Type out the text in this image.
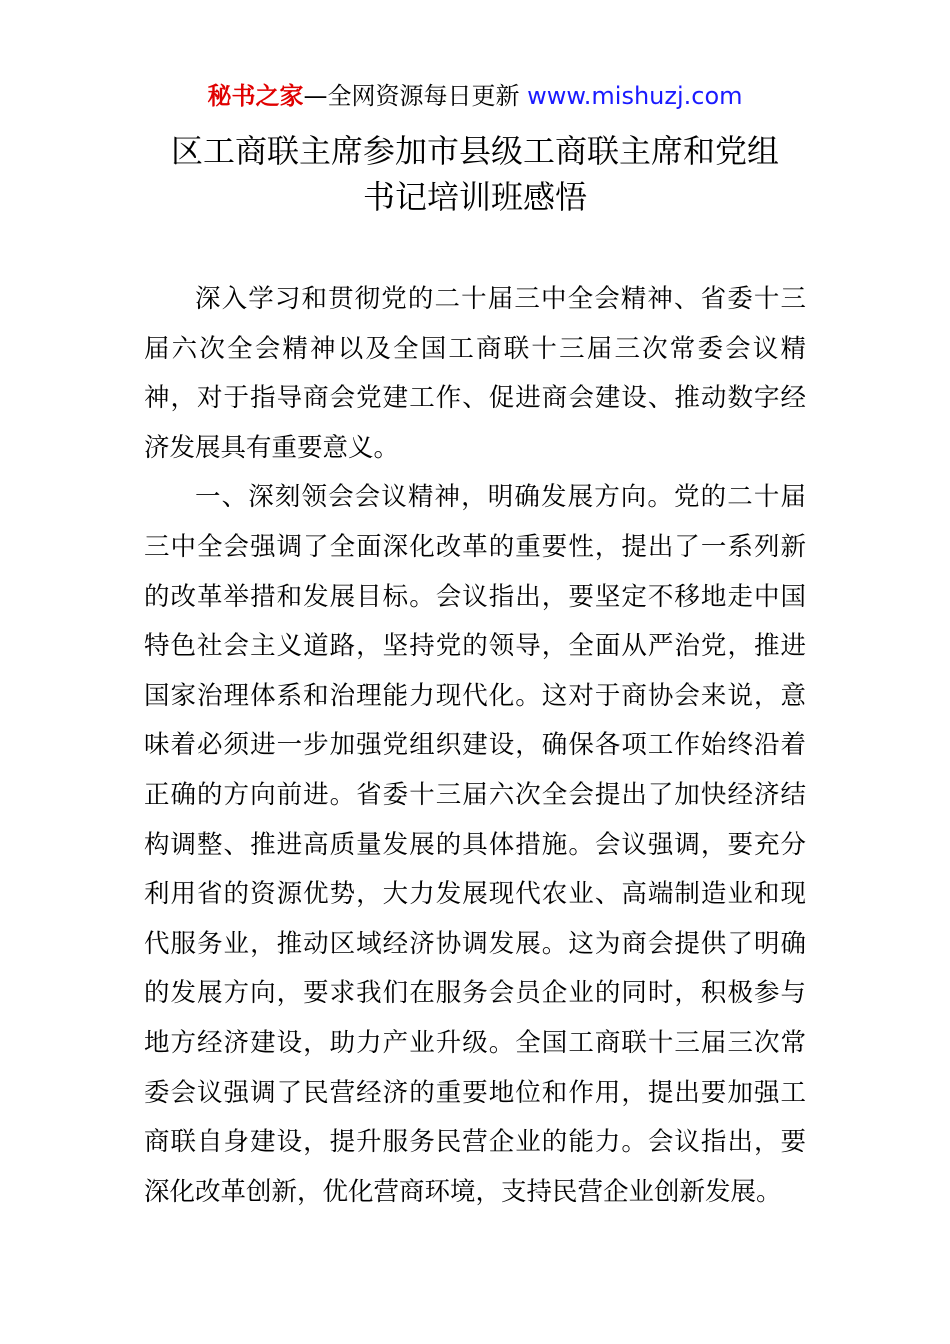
秘书之家—全网资源每日更新 www.mishuzj.com
区工商联主席参加市县级工商联主席和党组
书记培训班感悟

深入学习和贯彻党的二十届三中全会精神、省委十三届六次全会精神以及全国工商联十三届三次常委会议精神，对于指导商会党建工作、促进商会建设、推动数字经济发展具有重要意义。

一、深刻领会会议精神，明确发展方向。党的二十届三中全会强调了全面深化改革的重要性，提出了一系列新的改革举措和发展目标。会议指出，要坚定不移地走中国特色社会主义道路，坚持党的领导，全面从严治党，推进国家治理体系和治理能力现代化。这对于商协会来说，意味着必须进一步加强党组织建设，确保各项工作始终沿着正确的方向前进。省委十三届六次全会提出了加快经济结构调整、推进高质量发展的具体措施。会议强调，要充分利用省的资源优势，大力发展现代农业、高端制造业和现代服务业，推动区域经济协调发展。这为商会提供了明确的发展方向，要求我们在服务会员企业的同时，积极参与地方经济建设，助力产业升级。全国工商联十三届三次常委会议强调了民营经济的重要地位和作用，提出要加强工商联自身建设，提升服务民营企业的能力。会议指出，要深化改革创新，优化营商环境，支持民营企业创新发展。
